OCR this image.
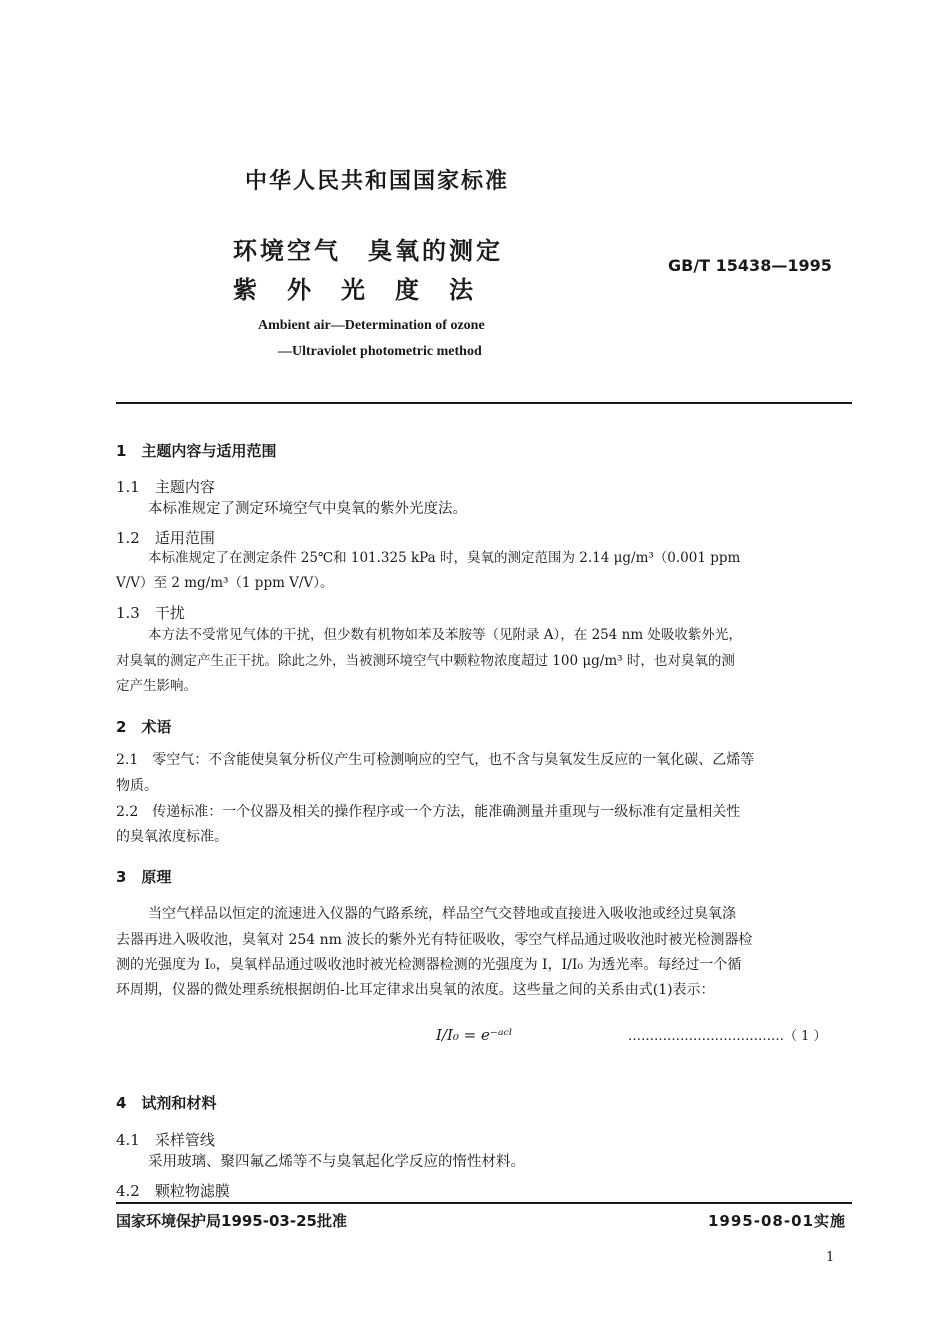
中华人民共和国国家标准
环境空气　臭氧的测定
紫　外　光　度　法
GB/T 15438—1995
Ambient air—Determination of ozone
—Ultraviolet photometric method
1　主题内容与适用范围
1.1　主题内容
本标准规定了测定环境空气中臭氧的紫外光度法。
1.2　适用范围
本标准规定了在测定条件 25℃和 101.325 kPa 时，臭氧的测定范围为 2.14 μg/m³（0.001 ppm
V/V）至 2 mg/m³（1 ppm V/V）。
1.3　干扰
本方法不受常见气体的干扰，但少数有机物如苯及苯胺等（见附录 A），在 254 nm 处吸收紫外光，
对臭氧的测定产生正干扰。除此之外，当被测环境空气中颗粒物浓度超过 100 μg/m³ 时，也对臭氧的测
定产生影响。
2　术语
2.1　零空气：不含能使臭氧分析仪产生可检测响应的空气，也不含与臭氧发生反应的一氧化碳、乙烯等
物质。
2.2　传递标准：一个仪器及相关的操作程序或一个方法，能准确测量并重现与一级标准有定量相关性
的臭氧浓度标准。
3　原理
当空气样品以恒定的流速进入仪器的气路系统，样品空气交替地或直接进入吸收池或经过臭氧涤
去器再进入吸收池，臭氧对 254 nm 波长的紫外光有特征吸收，零空气样品通过吸收池时被光检测器检
测的光强度为 I₀，臭氧样品通过吸收池时被光检测器检测的光强度为 I，I/I₀ 为透光率。每经过一个循
环周期，仪器的微处理系统根据朗伯-比耳定律求出臭氧的浓度。这些量之间的关系由式(1)表示：
I/I₀ = e⁻ᵃᶜˡ	………………………………（ 1 ）
4　试剂和材料
4.1　采样管线
采用玻璃、聚四氟乙烯等不与臭氧起化学反应的惰性材料。
4.2　颗粒物滤膜
国家环境保护局1995-03-25批准	1995-08-01实施
1
